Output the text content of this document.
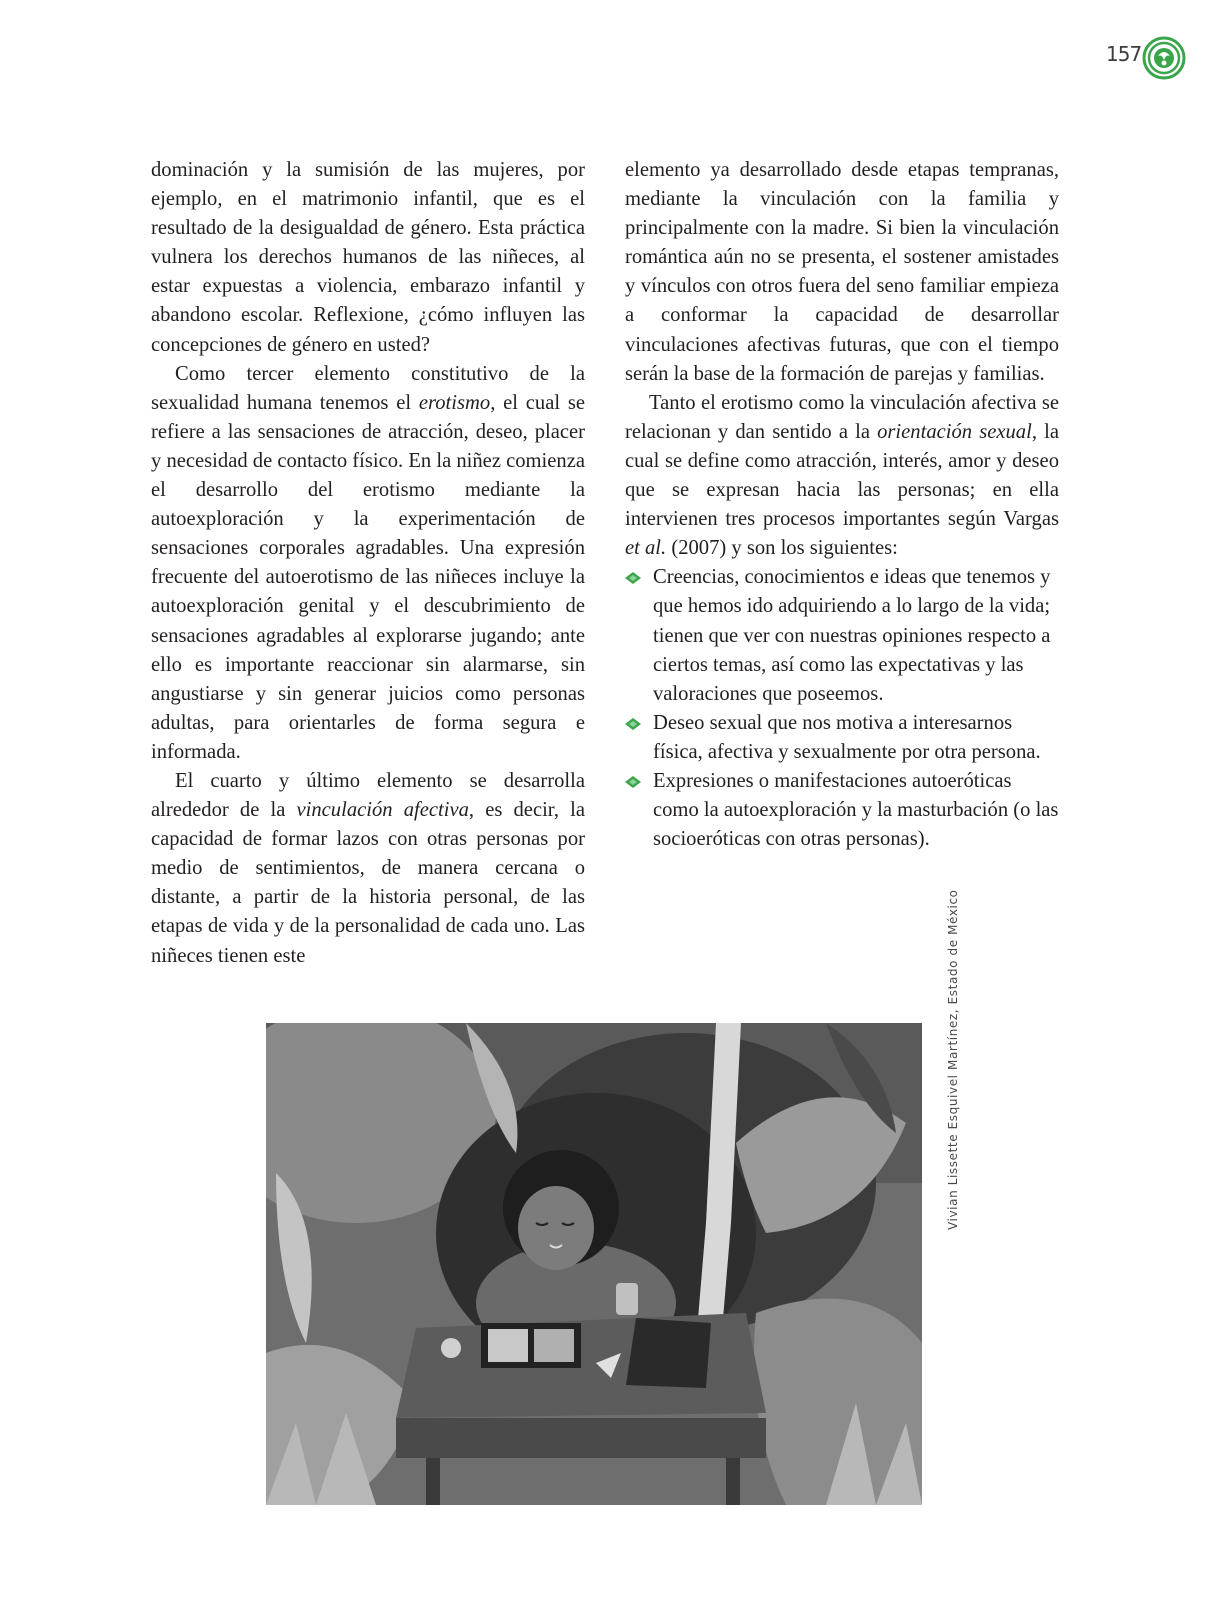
157

dominación y la sumisión de las mujeres, por ejemplo, en el matrimonio infantil, que es el resultado de la desigualdad de género. Esta práctica vulnera los derechos humanos de las niñeces, al estar expuestas a violencia, embarazo infantil y abandono escolar. Reflexione, ¿cómo influyen las concepciones de género en usted?

Como tercer elemento constitutivo de la sexualidad humana tenemos el erotismo, el cual se refiere a las sensaciones de atracción, deseo, placer y necesidad de contacto físico. En la niñez comienza el desarrollo del erotismo mediante la autoexploración y la experimentación de sensaciones corporales agradables. Una expresión frecuente del autoerotismo de las niñeces incluye la autoexploración genital y el descubrimiento de sensaciones agradables al explorarse jugando; ante ello es importante reaccionar sin alarmarse, sin angustiarse y sin generar juicios como personas adultas, para orientarles de forma segura e informada.

El cuarto y último elemento se desarrolla alrededor de la vinculación afectiva, es decir, la capacidad de formar lazos con otras personas por medio de sentimientos, de manera cercana o distante, a partir de la historia personal, de las etapas de vida y de la personalidad de cada uno. Las niñeces tienen este

elemento ya desarrollado desde etapas tempranas, mediante la vinculación con la familia y principalmente con la madre. Si bien la vinculación romántica aún no se presenta, el sostener amistades y vínculos con otros fuera del seno familiar empieza a conformar la capacidad de desarrollar vinculaciones afectivas futuras, que con el tiempo serán la base de la formación de parejas y familias.

Tanto el erotismo como la vinculación afectiva se relacionan y dan sentido a la orientación sexual, la cual se define como atracción, interés, amor y deseo que se expresan hacia las personas; en ella intervienen tres procesos importantes según Vargas et al. (2007) y son los siguientes:

Creencias, conocimientos e ideas que tenemos y que hemos ido adquiriendo a lo largo de la vida; tienen que ver con nuestras opiniones respecto a ciertos temas, así como las expectativas y las valoraciones que poseemos.
Deseo sexual que nos motiva a interesarnos física, afectiva y sexualmente por otra persona.
Expresiones o manifestaciones autoeróticas como la autoexploración y la masturbación (o las socioeróticas con otras personas).
Vivian Lissette Esquivel Martínez, Estado de México
